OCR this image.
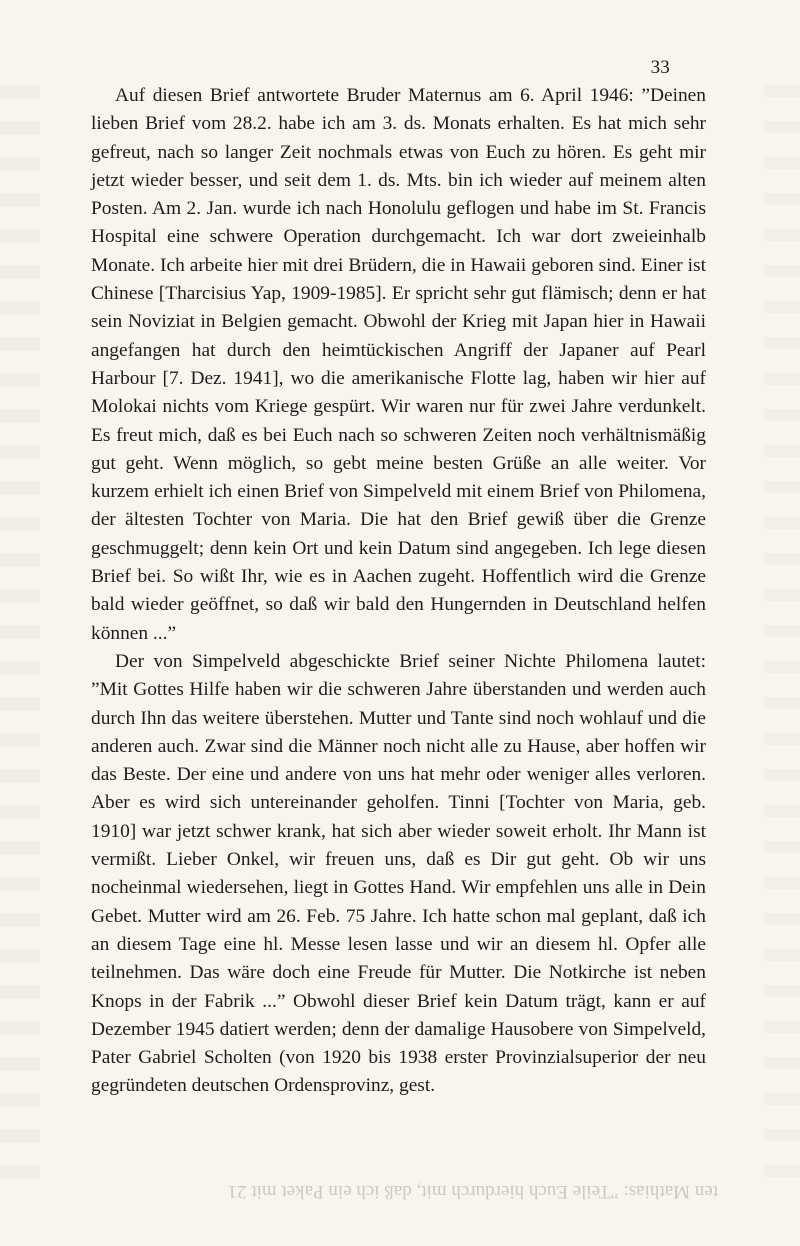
ten Mathias: ”Teile Euch hierdurch mit, daß ich ein Paket mit 21
33

Auf diesen Brief antwortete Bruder Maternus am 6. April 1946: ”Deinen lieben Brief vom 28.2. habe ich am 3. ds. Monats erhalten. Es hat mich sehr gefreut, nach so langer Zeit nochmals etwas von Euch zu hören. Es geht mir jetzt wieder besser, und seit dem 1. ds. Mts. bin ich wieder auf meinem alten Posten. Am 2. Jan. wurde ich nach Honolulu geflogen und habe im St. Francis Hospital eine schwere Operation durchgemacht. Ich war dort zweieinhalb Monate. Ich arbeite hier mit drei Brüdern, die in Hawaii geboren sind. Einer ist Chinese [Tharcisius Yap, 1909-1985]. Er spricht sehr gut flämisch; denn er hat sein Noviziat in Belgien gemacht. Obwohl der Krieg mit Japan hier in Hawaii angefangen hat durch den heimtückischen Angriff der Japaner auf Pearl Harbour [7. Dez. 1941], wo die amerikanische Flotte lag, haben wir hier auf Molokai nichts vom Kriege gespürt. Wir waren nur für zwei Jahre verdunkelt. Es freut mich, daß es bei Euch nach so schweren Zeiten noch verhältnismäßig gut geht. Wenn möglich, so gebt meine besten Grüße an alle weiter. Vor kurzem erhielt ich einen Brief von Simpelveld mit einem Brief von Philomena, der ältesten Tochter von Maria. Die hat den Brief gewiß über die Grenze geschmuggelt; denn kein Ort und kein Datum sind angegeben. Ich lege diesen Brief bei. So wißt Ihr, wie es in Aachen zugeht. Hoffentlich wird die Grenze bald wieder geöffnet, so daß wir bald den Hungernden in Deutschland helfen können ...”

Der von Simpelveld abgeschickte Brief seiner Nichte Philomena lautet: ”Mit Gottes Hilfe haben wir die schweren Jahre überstanden und werden auch durch Ihn das weitere überstehen. Mutter und Tante sind noch wohlauf und die anderen auch. Zwar sind die Männer noch nicht alle zu Hause, aber hoffen wir das Beste. Der eine und andere von uns hat mehr oder weniger alles verloren. Aber es wird sich untereinander geholfen. Tinni [Tochter von Maria, geb. 1910] war jetzt schwer krank, hat sich aber wieder soweit erholt. Ihr Mann ist vermißt. Lieber Onkel, wir freuen uns, daß es Dir gut geht. Ob wir uns nocheinmal wiedersehen, liegt in Gottes Hand. Wir empfehlen uns alle in Dein Gebet. Mutter wird am 26. Feb. 75 Jahre. Ich hatte schon mal geplant, daß ich an diesem Tage eine hl. Messe lesen lasse und wir an diesem hl. Opfer alle teilnehmen. Das wäre doch eine Freude für Mutter. Die Notkirche ist neben Knops in der Fabrik ...” Obwohl dieser Brief kein Datum trägt, kann er auf Dezember 1945 datiert werden; denn der damalige Hausobere von Simpelveld, Pater Gabriel Scholten (von 1920 bis 1938 erster Provinzialsuperior der neu gegründeten deutschen Ordensprovinz, gest.
